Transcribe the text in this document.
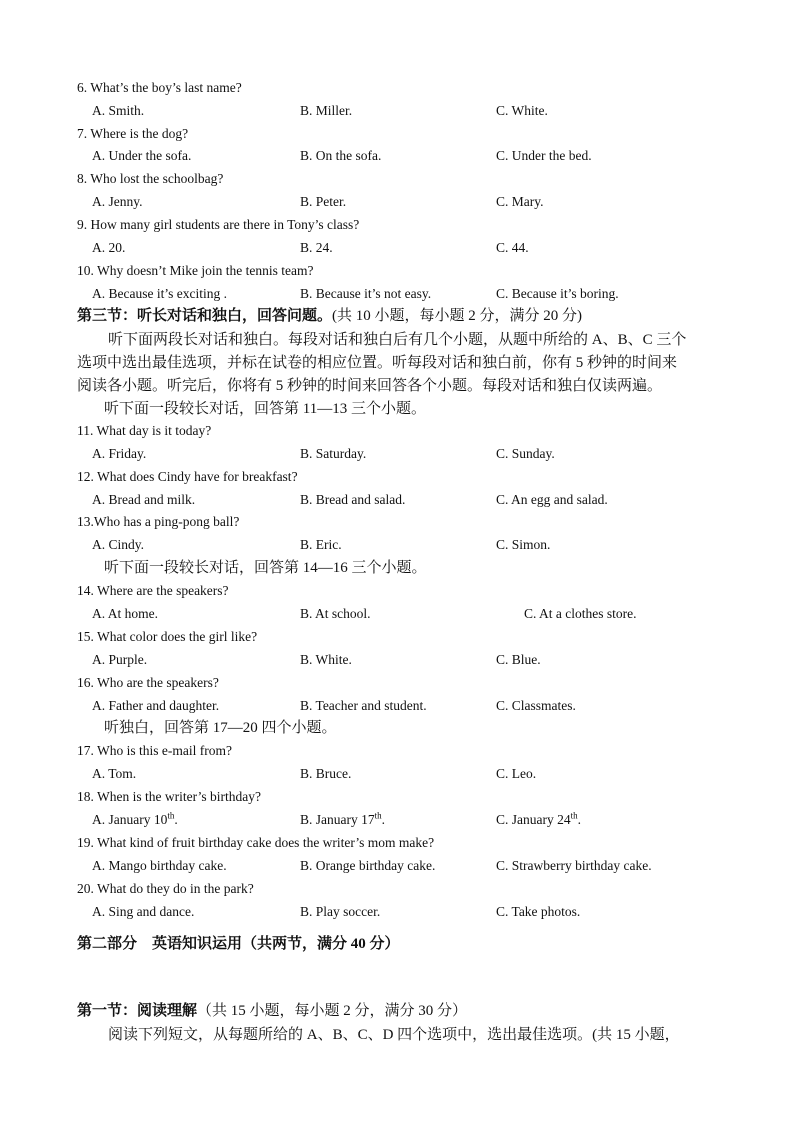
6. What’s the boy’s last name?
A. Smith.	B. Miller.	C. White.
7. Where is the dog?
A. Under the sofa.	B. On the sofa.	C. Under the bed.
8. Who lost the schoolbag?
A. Jenny.	B. Peter.	C. Mary.
9. How many girl students are there in Tony’s class?
A. 20.	B. 24.	C. 44.
10. Why doesn’t Mike join the tennis team?
A. Because it’s exciting .	B. Because it’s not easy.	C. Because it’s boring.
第三节：听长对话和独白，回答问题。(共 10 小题，每小题 2 分，满分 20 分)
听下面两段长对话和独白。每段对话和独白后有几个小题，从题中所给的 A、B、C 三个
选项中选出最佳选项，并标在试卷的相应位置。听每段对话和独白前，你有 5 秒钟的时间来
阅读各小题。听完后，你将有 5 秒钟的时间来回答各个小题。每段对话和独白仅读两遍。
听下面一段较长对话，回答第 11—13 三个小题。
11. What day is it today?
A. Friday.	B. Saturday.	C. Sunday.
12. What does Cindy have for breakfast?
A. Bread and milk.	B. Bread and salad.	C. An egg and salad.
13.Who has a ping-pong ball?
A. Cindy.	B. Eric.	C. Simon.
听下面一段较长对话，回答第 14—16 三个小题。
14. Where are the speakers?
A. At home.	B. At school.	C. At a clothes store.
15. What color does the girl like?
A. Purple.	B. White.	C. Blue.
16. Who are the speakers?
A. Father and daughter.	B. Teacher and student.	C. Classmates.
听独白，回答第 17—20 四个小题。
17. Who is this e-mail from?
A. Tom.	B. Bruce.	C. Leo.
18. When is the writer’s birthday?
A. January 10th.	B. January 17th.	C. January 24th.
19. What kind of fruit birthday cake does the writer’s mom make?
A. Mango birthday cake.	B. Orange birthday cake.	C. Strawberry birthday cake.
20. What do they do in the park?
A. Sing and dance.	B. Play soccer.	C. Take photos.
第二部分    英语知识运用（共两节，满分 40 分）
第一节：阅读理解（共 15 小题，每小题 2 分，满分 30 分）
阅读下列短文，从每题所给的 A、B、C、D 四个选项中，选出最佳选项。(共 15 小题，
